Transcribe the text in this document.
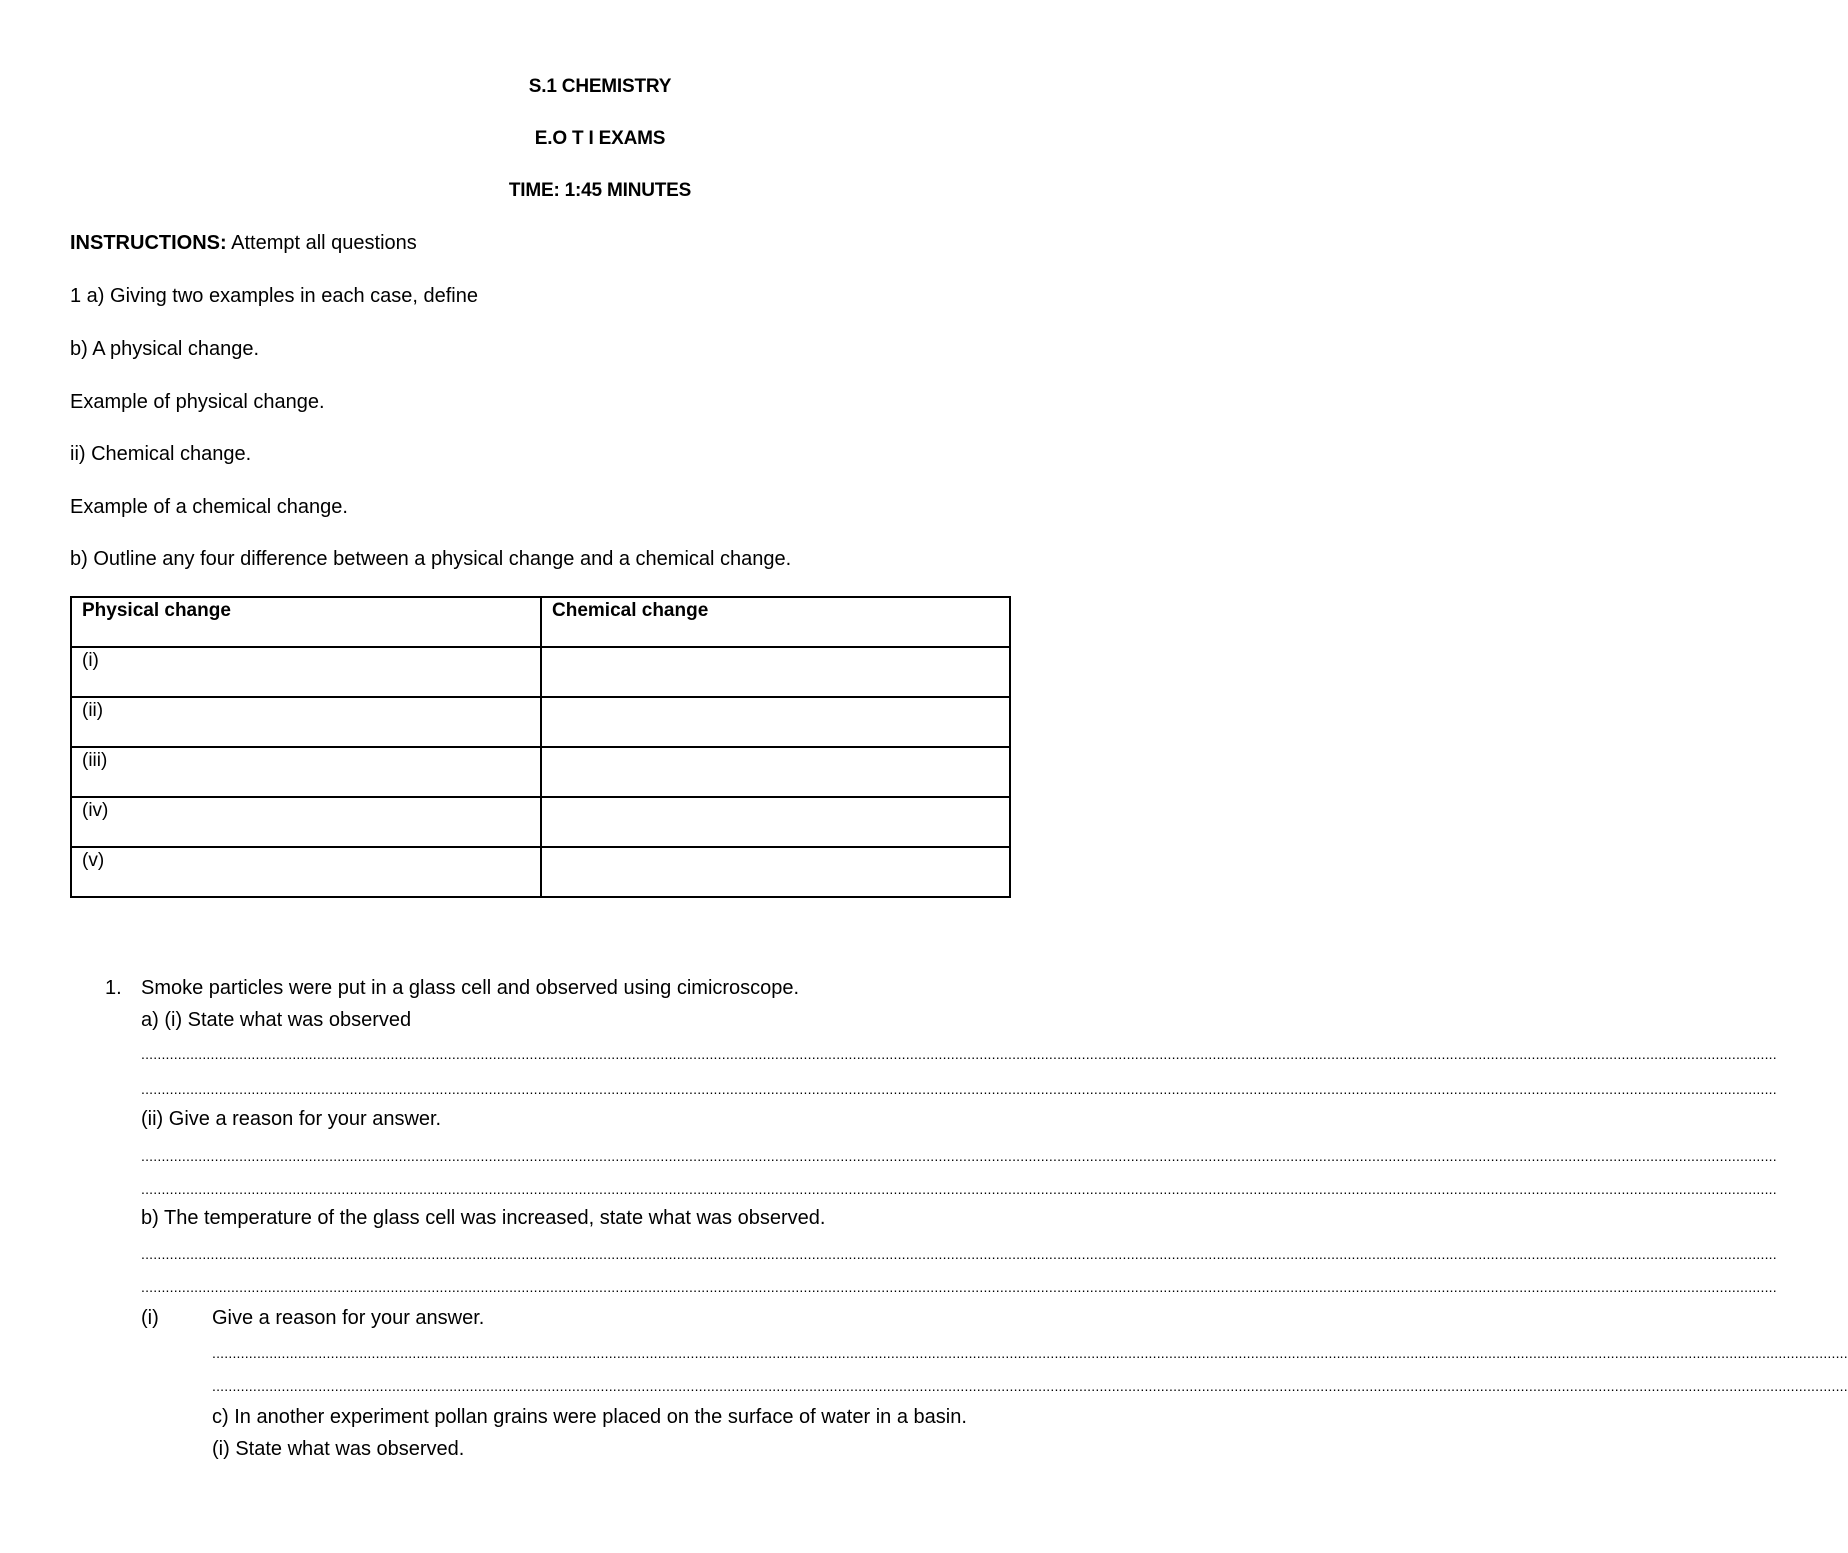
S.1 CHEMISTRY
E.O T I EXAMS
TIME: 1:45 MINUTES
INSTRUCTIONS: Attempt all questions
1 a) Giving two examples in each case, define
b) A physical change.
Example of physical change.
ii) Chemical change.
Example of a chemical change.
b) Outline any four difference between a physical change and a chemical change.
Physical change	Chemical change
(i)	
(ii)	
(iii)	
(iv)	
(v)	
1. Smoke particles were put in a glass cell and observed using cimicroscope.
a) (i) State what was observed
................................................................................................................................................................................................................................................................................................................................................................................................................
................................................................................................................................................................................................................................................................................................................................................................................................................
(ii) Give a reason for your answer.
................................................................................................................................................................................................................................................................................................................................................................................................................
................................................................................................................................................................................................................................................................................................................................................................................................................
b) The temperature of the glass cell was increased, state what was observed.
................................................................................................................................................................................................................................................................................................................................................................................................................
................................................................................................................................................................................................................................................................................................................................................................................................................
(i)	Give a reason for your answer.
................................................................................................................................................................................................................................................................................................................................................................................................................
................................................................................................................................................................................................................................................................................................................................................................................................................
c) In another experiment pollan grains were placed on the surface of water in a basin.
(i) State what was observed.
